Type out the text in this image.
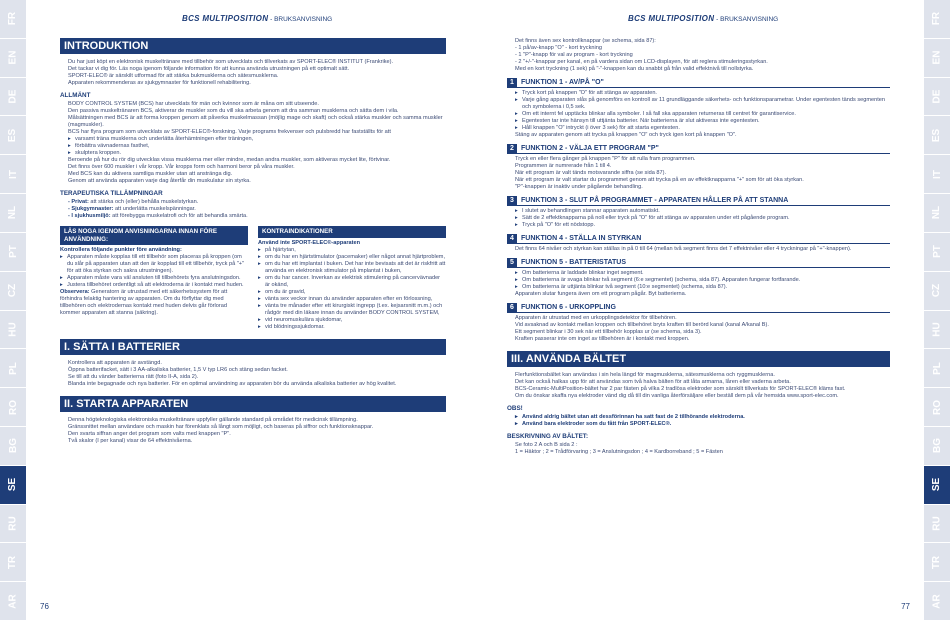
FR
EN
DE
ES
IT
NL
PT
CZ
HU
PL
RO
BG
SE
RU
TR
AR
FR
EN
DE
ES
IT
NL
PT
CZ
HU
PL
RO
BG
SE
RU
TR
AR
BCS MULTIPOSITION - BRUKSANVISNING	BCS MULTIPOSITION - BRUKSANVISNING
INTRODUKTION

Du har just köpt en elektronisk muskeltränare med tillbehör som utvecklats och tillverkats av SPORT-ELEC® INSTITUT (Frankrike).

Det tackar vi dig för. Läs noga igenom följande information för att kunna använda utrustningen på ett optimalt sätt.

SPORT-ELEC® är särskilt utformad för att stärka bukmusklerna och sätesmusklerna.

Apparaten rekommenderas av sjukgymnaster för funktionell rehabilitering.

ALLMÄNT

BODY CONTROL SYSTEM (BCS) har utvecklats för män och kvinnor som är måna om sitt utseende.

Den passiva muskeltränaren BCS, aktiverar de muskler som du vill ska arbeta genom att dra samman musklerna och sätta dem i vila.

Målsättningen med BCS är att forma kroppen genom att påverka muskelmassan (möjlig mage och skaft) och också stärka muskler och samma muskler (magmuskler).

BCS har flyra program som utvecklats av SPORT-ELEC®-forskning. Varje programs frekvenser och pulsbredd har fastställts för att

▸ varsamt träna musklerna och underlätta återhämtningen efter träningen,
▸ förbättra vävnadernas fasthet,
▸ skulptera kroppen.

Beroende på hur du rör dig utvecklas vissa musklerna mer eller mindre, medan andra muskler, som aktiveras mycket lite, förtvinar.

Det finns över 600 muskler i vår kropp. Vår kropps form och harmoni beror på våra muskler.

Med BCS kan du aktivera samtliga muskler utan att anstränga dig.

Genom att använda apparaten varje dag återfår din muskulatur sin styrka.

TERAPEUTISKA TILLÄMPNINGAR

- Privat: att stärka och (eller) behålla muskelstyrkan.

- Sjukgymnaster: att underlätta muskelspänningar.

- I sjukhusmiljö: att förebygga muskelatrofi och för att behandla smärta.

LÄS NOGA IGENOM ANVISNINGARNA INNAN FÖRE ANVÄNDNING:

Kontrollera följande punkter före användning:

▸ Apparaten måste kopplas till ett tillbehör som placeras på kroppen (om du slår på apparaten utan att den är kopplad till ett tillbehör, tryck på "+" för att öka styrkan och sakra utrustningen).
▸ Apparaten måste vara väl ansluten till tillbehörets fyra anslutningsdon.
▸ Justera tillbehöret ordentligt så att elektroderna är i kontakt med huden.

Observera: Generatorn är utrustad med ett säkerhetssystem för att förhindra felaktig hantering av apparaten. Om du förflyttar dig med tillbehören och elektrodernas kontakt med huden delvis går förlorad kommer apparaten att stanna (säkring).

KONTRAINDIKATIONER

Använd inte SPORT-ELEC®-apparaten

▸ på hjärtytan,
▸ om du har en hjärtstimulator (pacemaker) eller något annat hjärtproblem,
▸ om du har ett implantat i buken. Det har inte bevisats att det är riskfritt att använda en elektronisk stimulator på implantat i buken,
▸ om du har cancer. Inverkan av elektrisk stimulering på cancervävnader är okänd,
▸ om du är gravid,
▸ vänta sex veckor innan du använder apparaten efter en förlossning,
▸ vänta tre månader efter ett kirurgiskt ingrepp (t.ex. kejsarsnitt m.m.) och rådgör med din läkare innan du använder BODY CONTROL SYSTEM,
▸ vid neuromuskulära sjukdomar,
▸ vid blödningssjukdomar.
I. SÄTTA I BATTERIER

Kontrollera att apparaten är avstängd.

Öppna batterifacket, sätt i 3 AA-alkaliska batterier, 1,5 V typ LR6 och stäng sedan facket.

Se till att du vänder batterierna rätt (foto II-A, sida 2).

Blanda inte begagnade och nya batterier. För en optimal användning av apparaten bör du använda alkaliska batterier av hög kvalitet.

II. STARTA APPARATEN

Denna högteknologiska elektroniska muskeltränare uppfyller gällande standard på området för medicinsk tillämpning.

Gränssnittet mellan användare och maskin har förenklats så långt som möjligt, och baseras på siffror och funktionsknappar.

Den svarta siffran anger det program som valts med knappen "P".

Två skalor (I per kanal) visar de 64 effektnivåerna.

Det finns även sex kontrollknappar (se schema, sida 87):

- 1 på/av-knapp "O" - kort tryckning

- 1 "P"-knapp för val av program - kort tryckning

- 2 "+/-"-knappar per kanal, en på vardera sidan om LCD-displayen, för att reglera stimuleringsstyrkan.

Med en kort tryckning (1 sek) på "-"-knappen kan du snabbt gå från valid effektnivå till nollstyrka.

1	FUNKTION 1 - AV/PÅ "O"
▸ Tryck kort på knappen "O" för att stänga av apparaten.
▸ Varje gång apparaten slås på genomförs en kontroll av 11 grundläggande säkerhets- och funktionsparametrar. Under egentesten tänds segmenten och symbolerna i 0,5 sek.
▸ Om ett internt fel upptäcks blinkar alla symboler. I så fall ska apparaten returneras till centret för garantiservice.
▸ Egentesten tar inte hänsyn till uttjänta batterier. När batterierna är slut aktiveras inte egentesten.
▸ Håll knappen "O" intryckt (i över 3 sek) för att starta egentesten.

Stäng av apparaten genom att trycka på knappen "O" och tryck igen kort på knappen "O".

2	FUNKTION 2 - VÄLJA ETT PROGRAM "P"

Tryck en eller flera gånger på knappen "P" för att rulla fram programmen.

Programmen är numrerade från 1 till 4.

När ett program är valt tänds motsvarande siffra (se sida 87).

När ett program är valt startar du programmet genom att trycka på en av effektknapparna "+" som för att öka styrkan.

"P"-knappen är inaktiv under pågående behandling.

3	FUNKTION 3 - SLUT PÅ PROGRAMMET - APPARATEN HÅLLER PÅ ATT STANNA
▸ I slutet av behandlingen stannar apparaten automatiskt.
▸ Sätt de 2 effektknapparna på noll eller tryck på "O" för att stänga av apparaten under ett pågående program.
▸ Tryck på "O" för ett nödstopp.
4	FUNKTION 4 - STÄLLA IN STYRKAN

Det finns 64 nivåer och styrkan kan ställas in på 0 till 64 (mellan två segment finns det 7 effektnivåer eller 4 tryckningar på "+"-knappen).

5	FUNKTION 5 - BATTERISTATUS
▸ Om batterierna är laddade blinkar inget segment.
▸ Om batterierna är svaga blinkar två segment (6:e segmentet) (schema, sida 87). Apparaten fungerar fortfarande.
▸ Om batterierna är uttjänta blinkar två segment (10:e segmentet) (schema, sida 87).

Apparaten slutar fungera även om ett program pågår. Byt batterierna.

6	FUNKTION 6 - URKOPPLING

Apparaten är utrustad med en urkopplingsdetektor för tillbehören.

Vid avsaknad av kontakt mellan kroppen och tillbehöret bryts kraften till berörd kanal (kanal A/kanal B).

Ett segment blinkar i 30 sek när ett tillbehör kopplas ur (se schema, sida 3).

Kraften passerar inte om inget av tillbehören är i kontakt med kroppen.

III. ANVÄNDA BÄLTET

Flerfunktionsbältet kan användas i sin hela längd för magmusklerna, sätesmusklerna och ryggmusklerna.

Det kan också halkas upp för att användas som två halva bälten för att låta armarna, låren eller vaderna arbeta.

BCS-Ceramic-MultiPosition-bältet har 2 par fästen på vilka 2 tradlösa elektroder som särskilt tillverkats för SPORT-ELEC® kläms fast.

Om du önskar skaffa nya elektroder vänd dig då till din vanliga återförsäljare eller beställ dem på vår hemsida www.sport-elec.com.

OBS!
▸ Använd aldrig bältet utan att dessförinnan ha satt fast de 2 tillhörande elektroderna.
▸ Använd bara elektroder som du fått från SPORT-ELEC®.
BESKRIVNING AV BÄLTET:

Se foto 2 A och B sida 2 :

1 = Häktor ; 2 = Trådförvaring ; 3 = Anslutningsdon ; 4 = Kardborreband ; 5 = Fästen

76	77
